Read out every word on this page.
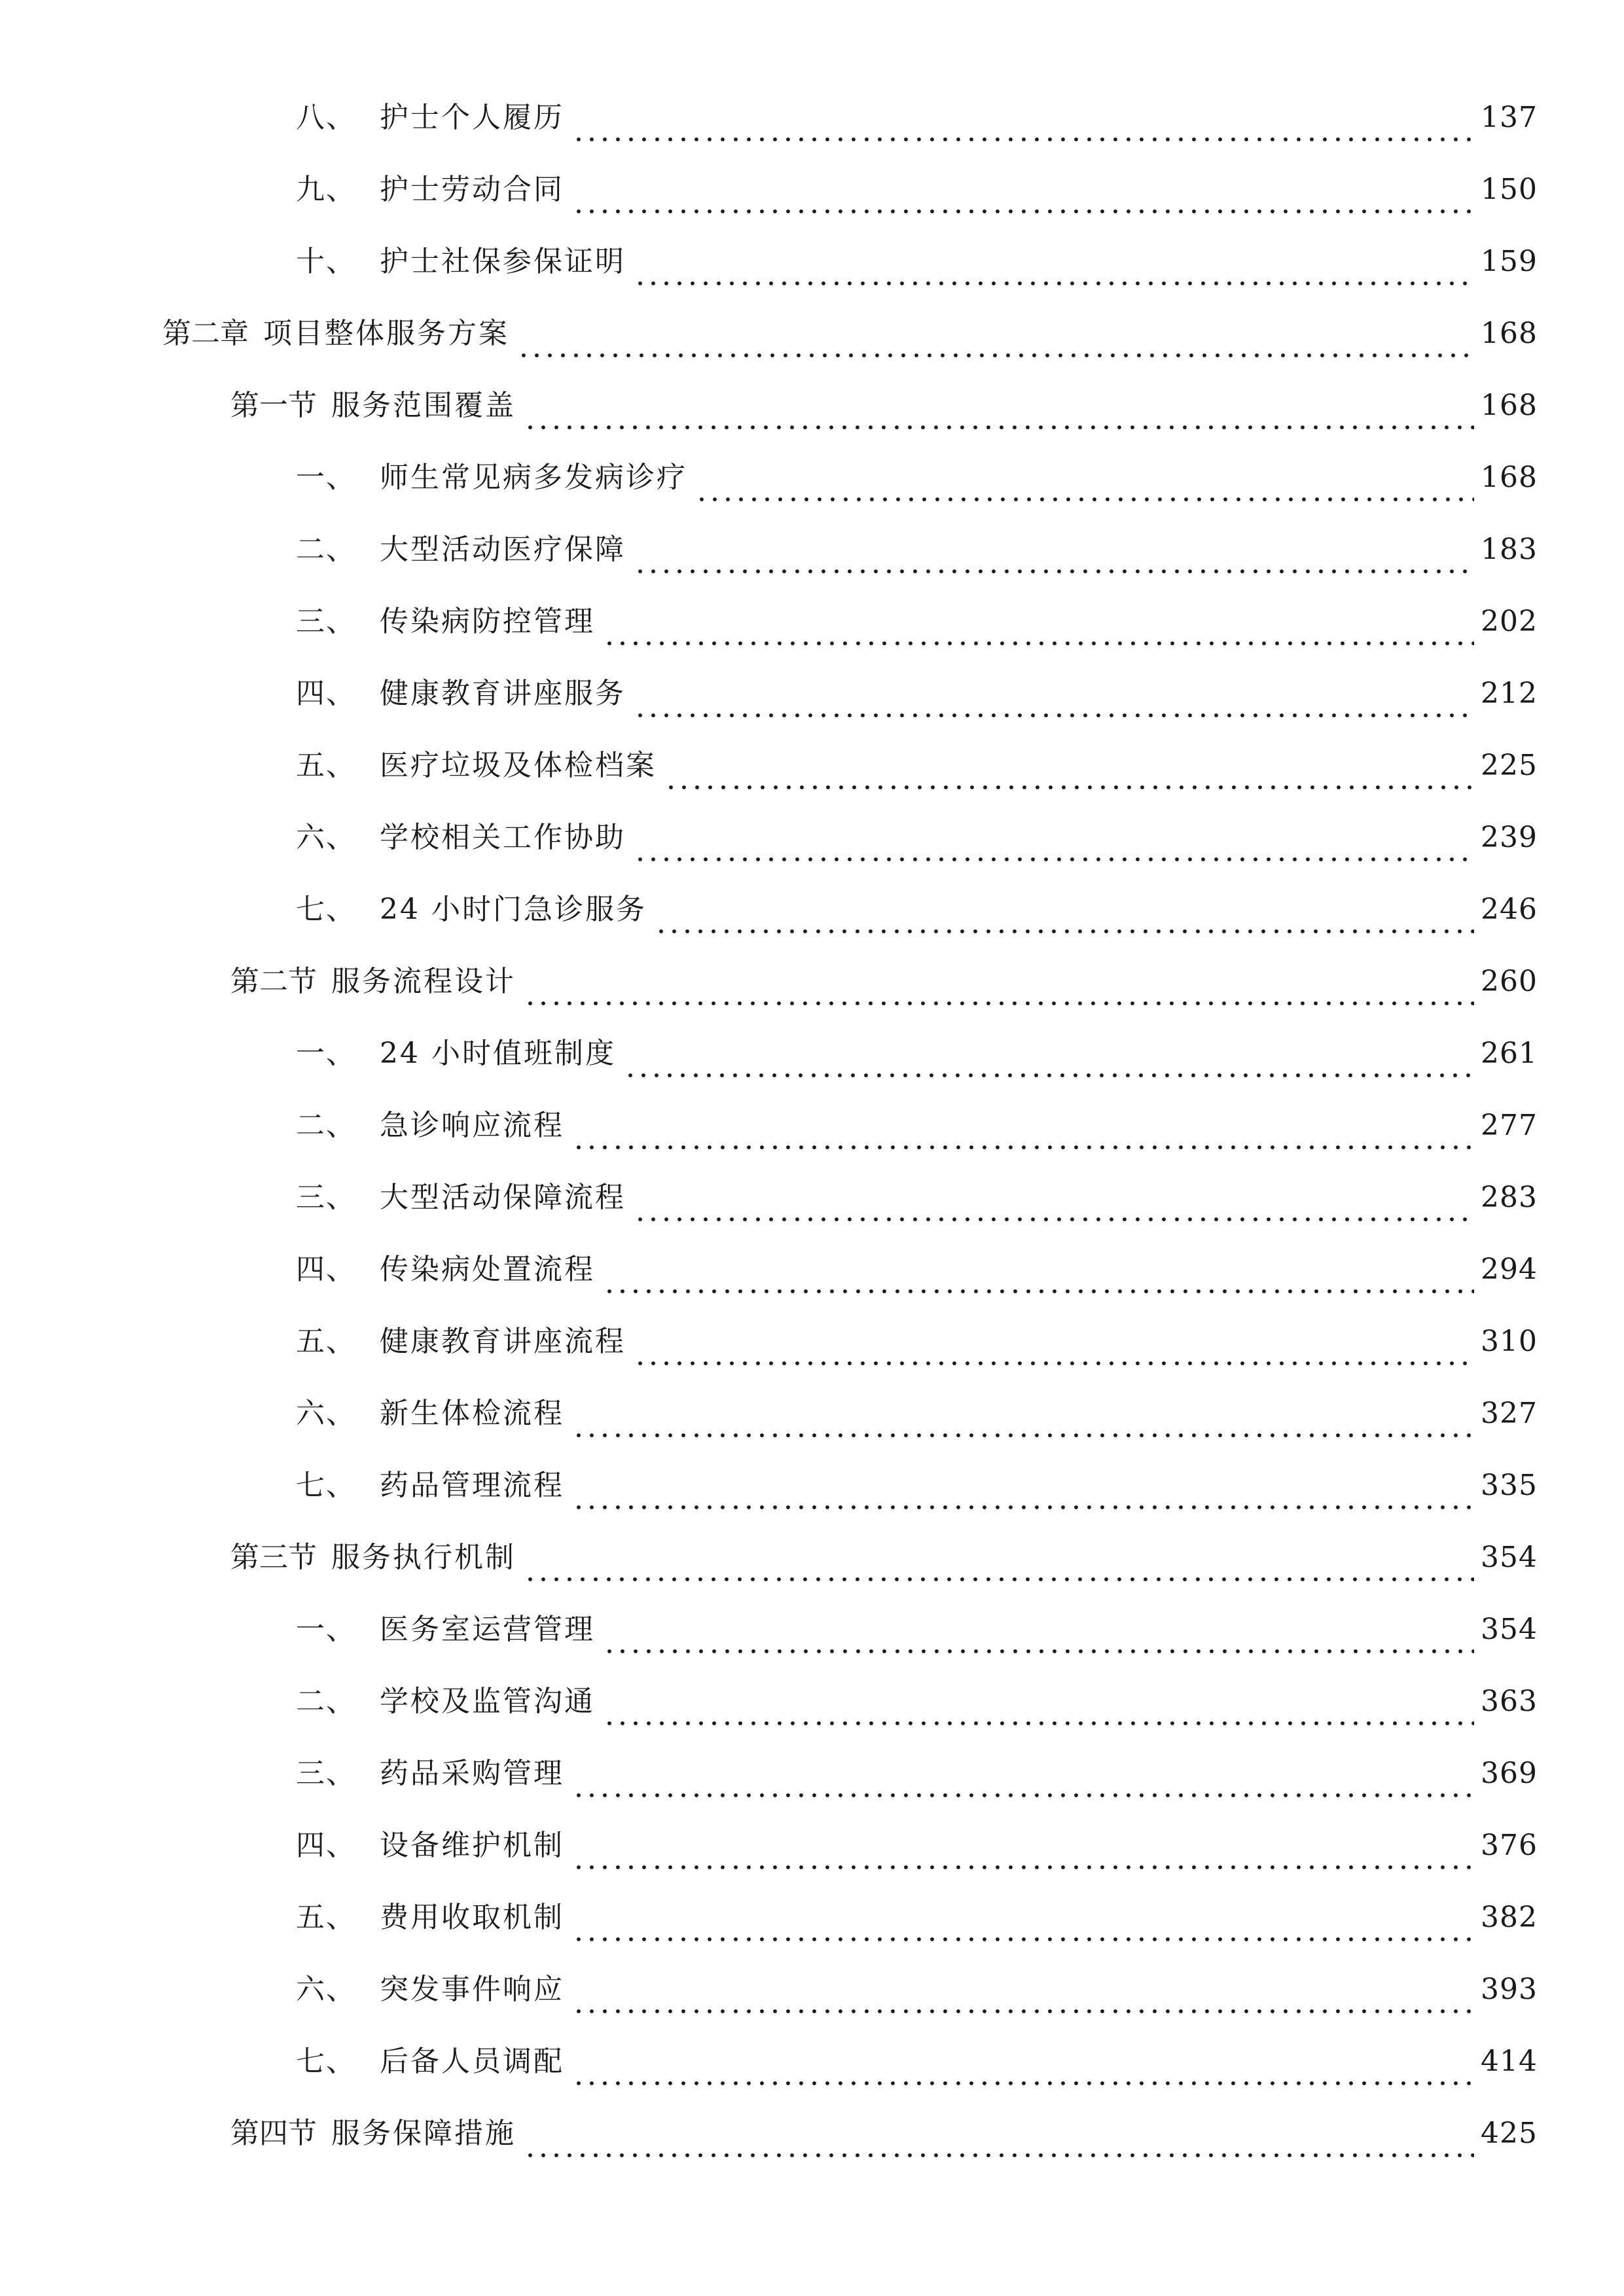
八、 护士个人履历	137
九、 护士劳动合同	150
十、 护士社保参保证明	159
第二章 项目整体服务方案	168
第一节 服务范围覆盖	168
一、 师生常见病多发病诊疗	168
二、 大型活动医疗保障	183
三、 传染病防控管理	202
四、 健康教育讲座服务	212
五、 医疗垃圾及体检档案	225
六、 学校相关工作协助	239
七、 24 小时门急诊服务	246
第二节 服务流程设计	260
一、 24 小时值班制度	261
二、 急诊响应流程	277
三、 大型活动保障流程	283
四、 传染病处置流程	294
五、 健康教育讲座流程	310
六、 新生体检流程	327
七、 药品管理流程	335
第三节 服务执行机制	354
一、 医务室运营管理	354
二、 学校及监管沟通	363
三、 药品采购管理	369
四、 设备维护机制	376
五、 费用收取机制	382
六、 突发事件响应	393
七、 后备人员调配	414
第四节 服务保障措施	425
